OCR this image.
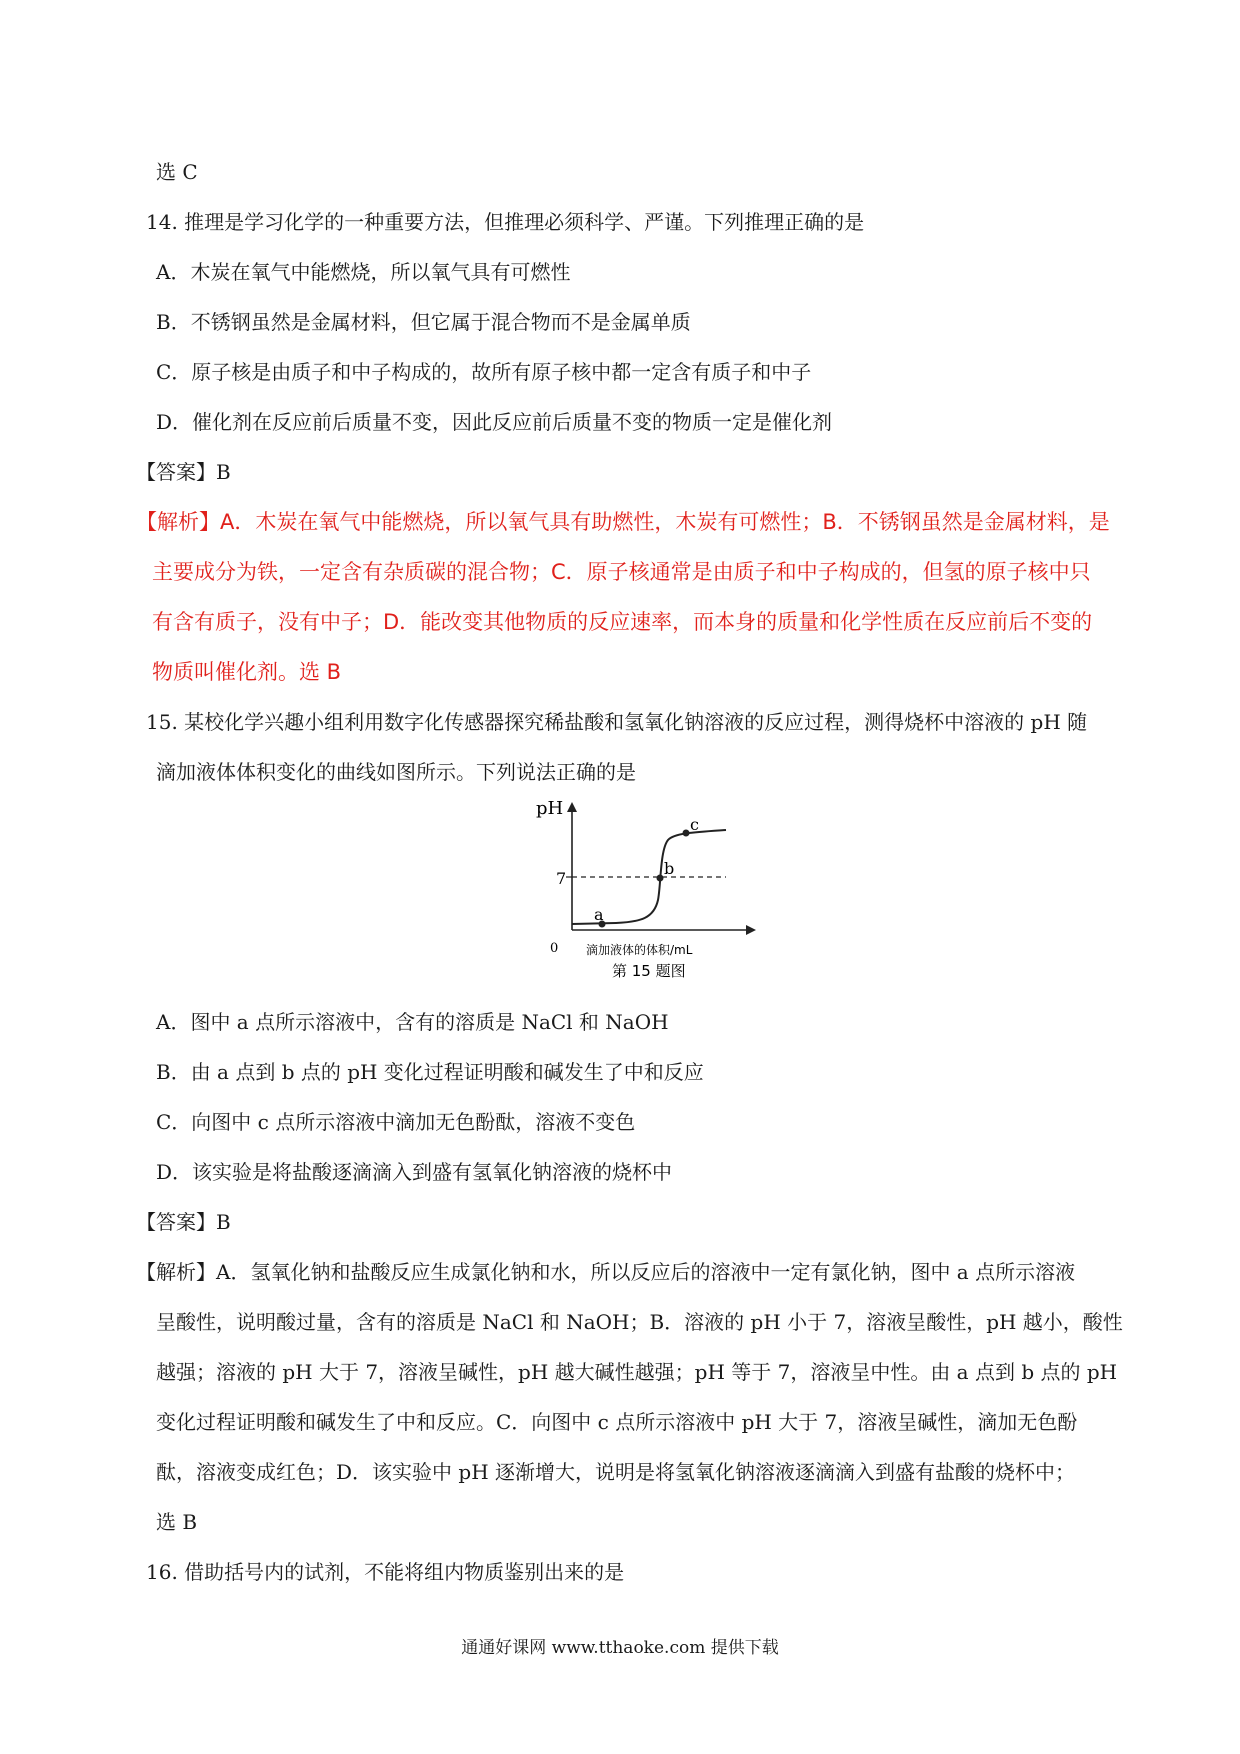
选 C
14. 推理是学习化学的一种重要方法，但推理必须科学、严谨。下列推理正确的是
A．木炭在氧气中能燃烧，所以氧气具有可燃性
B．不锈钢虽然是金属材料，但它属于混合物而不是金属单质
C．原子核是由质子和中子构成的，故所有原子核中都一定含有质子和中子
D．催化剂在反应前后质量不变，因此反应前后质量不变的物质一定是催化剂
【答案】B
【解析】A．木炭在氧气中能燃烧，所以氧气具有助燃性，木炭有可燃性；B．不锈钢虽然是金属材料，是
主要成分为铁，一定含有杂质碳的混合物；C．原子核通常是由质子和中子构成的，但氢的原子核中只
有含有质子，没有中子；D．能改变其他物质的反应速率，而本身的质量和化学性质在反应前后不变的
物质叫催化剂。选 B
15. 某校化学兴趣小组利用数字化传感器探究稀盐酸和氢氧化钠溶液的反应过程，测得烧杯中溶液的 pH 随
滴加液体体积变化的曲线如图所示。下列说法正确的是
pH
7
0
a
b
c
滴加液体的体积/mL
第 15 题图
A．图中 a 点所示溶液中，含有的溶质是 NaCl 和 NaOH
B．由 a 点到 b 点的 pH 变化过程证明酸和碱发生了中和反应
C．向图中 c 点所示溶液中滴加无色酚酞，溶液不变色
D．该实验是将盐酸逐滴滴入到盛有氢氧化钠溶液的烧杯中
【答案】B
【解析】A．氢氧化钠和盐酸反应生成氯化钠和水，所以反应后的溶液中一定有氯化钠，图中 a 点所示溶液
呈酸性，说明酸过量，含有的溶质是 NaCl 和 NaOH；B．溶液的 pH 小于 7，溶液呈酸性，pH 越小，酸性
越强；溶液的 pH 大于 7，溶液呈碱性，pH 越大碱性越强；pH 等于 7，溶液呈中性。由 a 点到 b 点的 pH
变化过程证明酸和碱发生了中和反应。C．向图中 c 点所示溶液中 pH 大于 7，溶液呈碱性，滴加无色酚
酞，溶液变成红色；D．该实验中 pH 逐渐增大，说明是将氢氧化钠溶液逐滴滴入到盛有盐酸的烧杯中；
选 B
16. 借助括号内的试剂，不能将组内物质鉴别出来的是
通通好课网 www.tthaoke.com 提供下载
